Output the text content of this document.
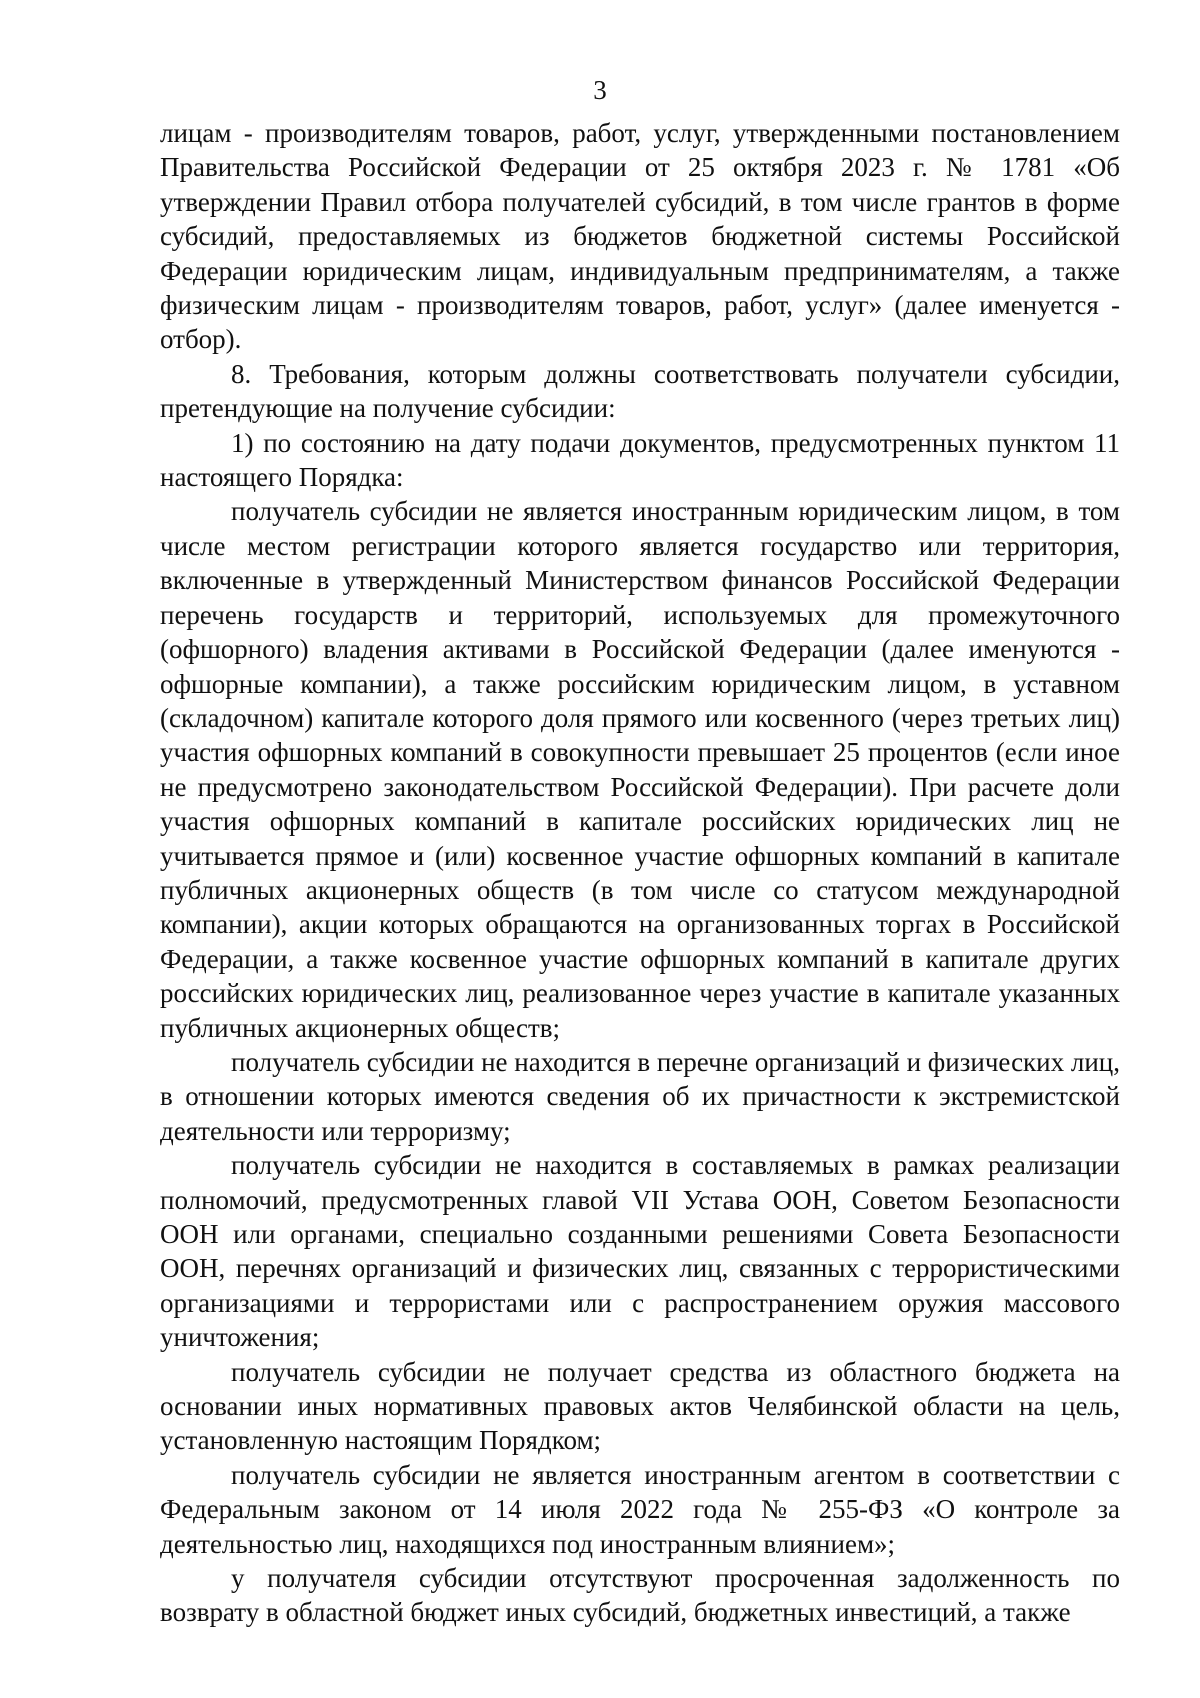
3

лицам - производителям товаров, работ, услуг, утвержденными постановлением Правительства Российской Федерации от 25 октября 2023 г. № 1781 «Об утверждении Правил отбора получателей субсидий, в том числе грантов в форме субсидий, предоставляемых из бюджетов бюджетной системы Российской Федерации юридическим лицам, индивидуальным предпринимателям, а также физическим лицам - производителям товаров, работ, услуг» (далее именуется - отбор).

8. Требования, которым должны соответствовать получатели субсидии, претендующие на получение субсидии:

1) по состоянию на дату подачи документов, предусмотренных пунктом 11 настоящего Порядка:

получатель субсидии не является иностранным юридическим лицом, в том числе местом регистрации которого является государство или территория, включенные в утвержденный Министерством финансов Российской Федерации перечень государств и территорий, используемых для промежуточного (офшорного) владения активами в Российской Федерации (далее именуются - офшорные компании), а также российским юридическим лицом, в уставном (складочном) капитале которого доля прямого или косвенного (через третьих лиц) участия офшорных компаний в совокупности превышает 25 процентов (если иное не предусмотрено законодательством Российской Федерации). При расчете доли участия офшорных компаний в капитале российских юридических лиц не учитывается прямое и (или) косвенное участие офшорных компаний в капитале публичных акционерных обществ (в том числе со статусом международной компании), акции которых обращаются на организованных торгах в Российской Федерации, а также косвенное участие офшорных компаний в капитале других российских юридических лиц, реализованное через участие в капитале указанных публичных акционерных обществ;

получатель субсидии не находится в перечне организаций и физических лиц, в отношении которых имеются сведения об их причастности к экстремистской деятельности или терроризму;

получатель субсидии не находится в составляемых в рамках реализации полномочий, предусмотренных главой VII Устава ООН, Советом Безопасности ООН или органами, специально созданными решениями Совета Безопасности ООН, перечнях организаций и физических лиц, связанных с террористическими организациями и террористами или с распространением оружия массового уничтожения;

получатель субсидии не получает средства из областного бюджета на основании иных нормативных правовых актов Челябинской области на цель, установленную настоящим Порядком;

получатель субсидии не является иностранным агентом в соответствии с Федеральным законом от 14 июля 2022 года № 255-ФЗ «О контроле за деятельностью лиц, находящихся под иностранным влиянием»;

у получателя субсидии отсутствуют просроченная задолженность по возврату в областной бюджет иных субсидий, бюджетных инвестиций, а также
